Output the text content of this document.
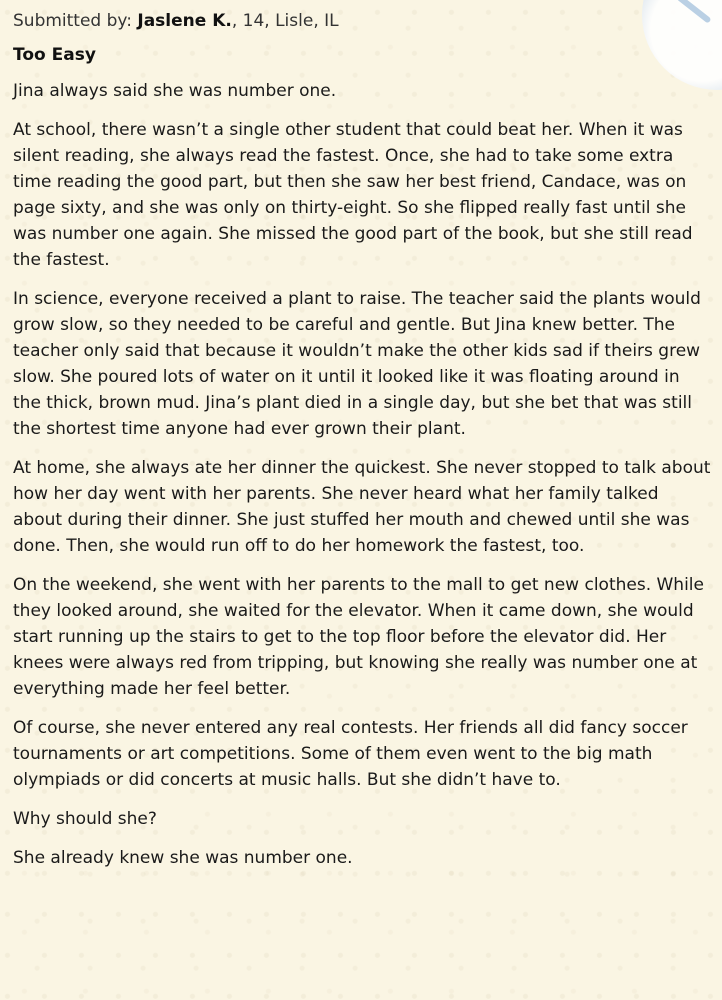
Submitted by: Jaslene K., 14, Lisle, IL
Too Easy

Jina always said she was number one.

At school, there wasn’t a single other student that could beat her. When it was silent reading, she always read the fastest. Once, she had to take some extra time reading the good part, but then she saw her best friend, Candace, was on page sixty, and she was only on thirty-eight. So she flipped really fast until she was number one again. She missed the good part of the book, but she still read the fastest.

In science, everyone received a plant to raise. The teacher said the plants would grow slow, so they needed to be careful and gentle. But Jina knew better. The teacher only said that because it wouldn’t make the other kids sad if theirs grew slow. She poured lots of water on it until it looked like it was floating around in the thick, brown mud. Jina’s plant died in a single day, but she bet that was still the shortest time anyone had ever grown their plant.

At home, she always ate her dinner the quickest. She never stopped to talk about how her day went with her parents. She never heard what her family talked about during their dinner. She just stuffed her mouth and chewed until she was done. Then, she would run off to do her homework the fastest, too.

On the weekend, she went with her parents to the mall to get new clothes. While they looked around, she waited for the elevator. When it came down, she would start running up the stairs to get to the top floor before the elevator did. Her knees were always red from tripping, but knowing she really was number one at everything made her feel better.

Of course, she never entered any real contests. Her friends all did fancy soccer tournaments or art competitions. Some of them even went to the big math olympiads or did concerts at music halls. But she didn’t have to.

Why should she?

She already knew she was number one.
